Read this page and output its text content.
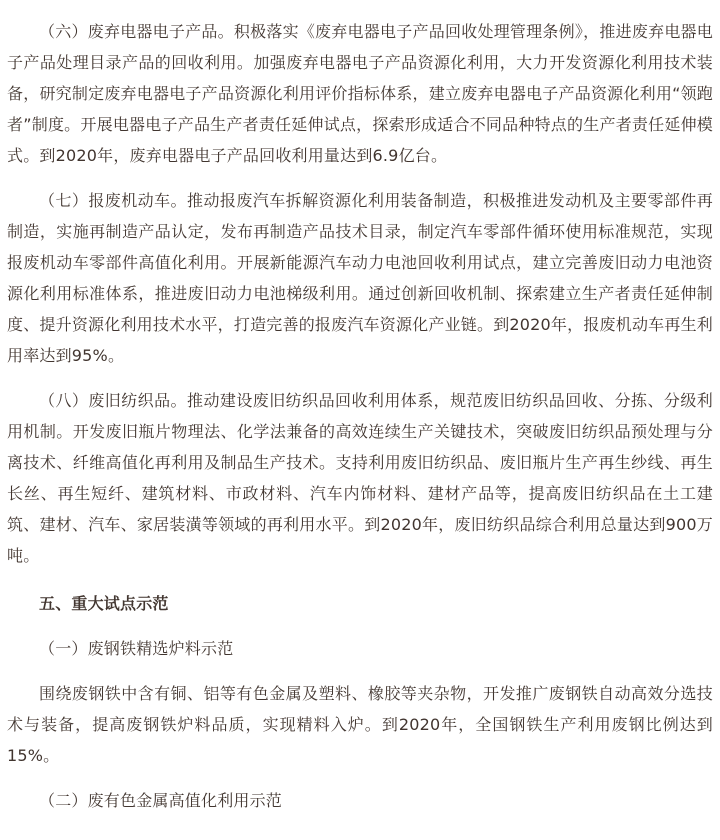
（六）废弃电器电子产品。积极落实《废弃电器电子产品回收处理管理条例》，推进废弃电器电子产品处理目录产品的回收利用。加强废弃电器电子产品资源化利用，大力开发资源化利用技术装备，研究制定废弃电器电子产品资源化利用评价指标体系，建立废弃电器电子产品资源化利用“领跑者”制度。开展电器电子产品生产者责任延伸试点，探索形成适合不同品种特点的生产者责任延伸模式。到2020年，废弃电器电子产品回收利用量达到6.9亿台。

（七）报废机动车。推动报废汽车拆解资源化利用装备制造，积极推进发动机及主要零部件再制造，实施再制造产品认定，发布再制造产品技术目录，制定汽车零部件循环使用标准规范，实现报废机动车零部件高值化利用。开展新能源汽车动力电池回收利用试点，建立完善废旧动力电池资源化利用标准体系，推进废旧动力电池梯级利用。通过创新回收机制、探索建立生产者责任延伸制度、提升资源化利用技术水平，打造完善的报废汽车资源化产业链。到2020年，报废机动车再生利用率达到95%。

（八）废旧纺织品。推动建设废旧纺织品回收利用体系，规范废旧纺织品回收、分拣、分级利用机制。开发废旧瓶片物理法、化学法兼备的高效连续生产关键技术，突破废旧纺织品预处理与分离技术、纤维高值化再利用及制品生产技术。支持利用废旧纺织品、废旧瓶片生产再生纱线、再生长丝、再生短纤、建筑材料、市政材料、汽车内饰材料、建材产品等，提高废旧纺织品在土工建筑、建材、汽车、家居装潢等领域的再利用水平。到2020年，废旧纺织品综合利用总量达到900万吨。

五、重大试点示范

（一）废钢铁精选炉料示范

围绕废钢铁中含有铜、铝等有色金属及塑料、橡胶等夹杂物，开发推广废钢铁自动高效分选技术与装备，提高废钢铁炉料品质，实现精料入炉。到2020年，全国钢铁生产利用废钢比例达到15%。

（二）废有色金属高值化利用示范
